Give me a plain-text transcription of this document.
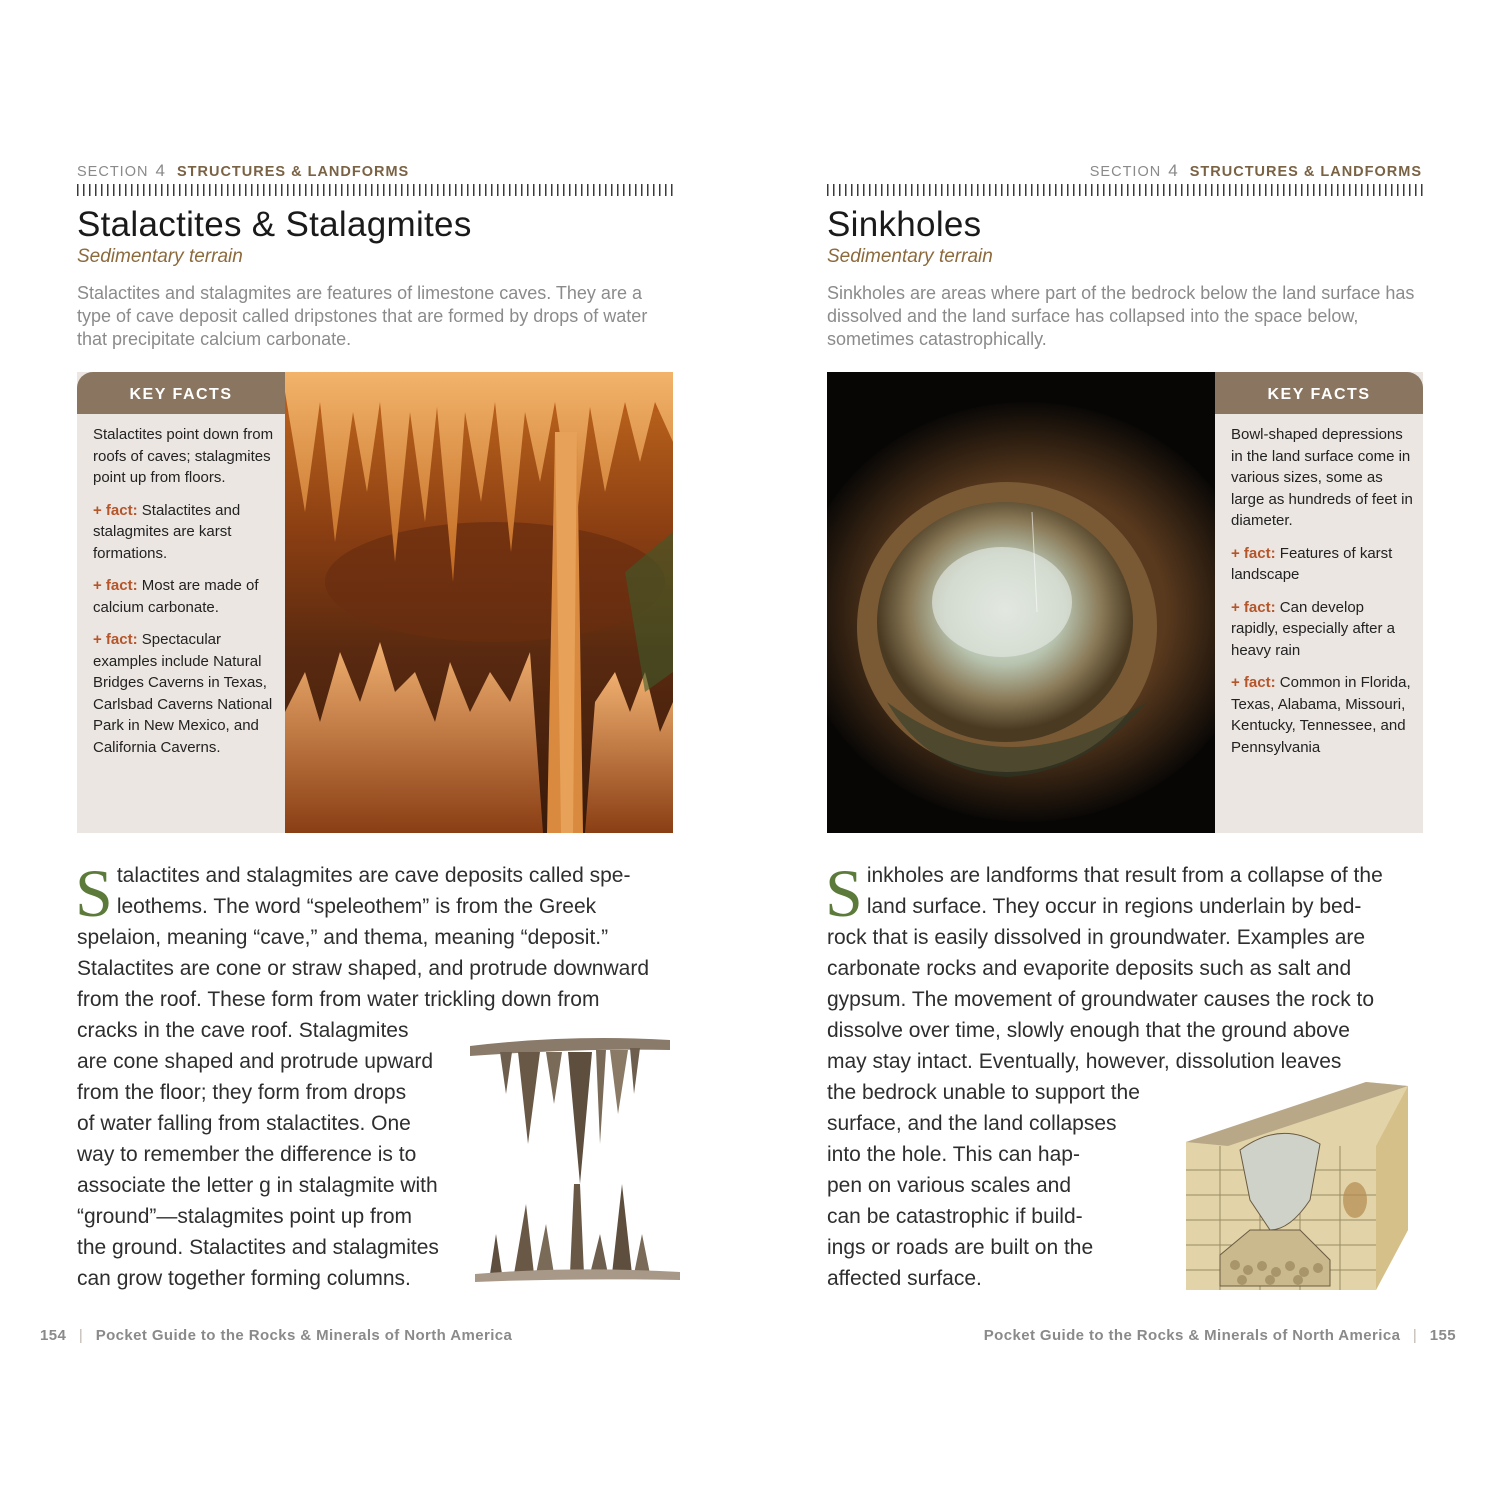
SECTION 4 STRUCTURES & LANDFORMS
Stalactites & Stalagmites
Sedimentary terrain

Stalactites and stalagmites are features of limestone caves. They are a type of cave deposit called dripstones that are formed by drops of water that precipitate calcium carbonate.

KEY FACTS
Stalactites point down from roofs of caves; stalagmites point up from floors.
+ fact: Stalactites and stalagmites are karst formations.
+ fact: Most are made of calcium carbonate.
+ fact: Spectacular examples include Natural Bridges Caverns in Texas, Carlsbad Caverns National Park in New Mexico, and California Caverns.
S talactites and stalagmites are cave deposits called spe-
leothems. The word “speleothem” is from the Greek
spelaion, meaning “cave,” and thema, meaning “deposit.”
Stalactites are cone or straw shaped, and protrude downward
from the roof. These form from water trickling down from
cracks in the cave roof. Stalagmites
are cone shaped and protrude upward
from the floor; they form from drops
of water falling from stalactites. One
way to remember the difference is to
associate the letter g in stalagmite with
“ground”—stalagmites point up from
the ground. Stalactites and stalagmites
can grow together forming columns.
154 | Pocket Guide to the Rocks & Minerals of North America
SECTION 4 STRUCTURES & LANDFORMS
Sinkholes
Sedimentary terrain

Sinkholes are areas where part of the bedrock below the land surface has dissolved and the land surface has collapsed into the space below, sometimes catastrophically.

KEY FACTS
Bowl-shaped depressions in the land surface come in various sizes, some as large as hundreds of feet in diameter.
+ fact: Features of karst landscape
+ fact: Can develop rapidly, especially after a heavy rain
+ fact: Common in Florida, Texas, Alabama, Missouri, Kentucky, Tennessee, and Pennsylvania
S inkholes are landforms that result from a collapse of the
land surface. They occur in regions underlain by bed-
rock that is easily dissolved in groundwater. Examples are
carbonate rocks and evaporite deposits such as salt and
gypsum. The movement of groundwater causes the rock to
dissolve over time, slowly enough that the ground above
may stay intact. Eventually, however, dissolution leaves
the bedrock unable to support the
surface, and the land collapses
into the hole. This can hap-
pen on various scales and
can be catastrophic if build-
ings or roads are built on the
affected surface.
Pocket Guide to the Rocks & Minerals of North America | 155
